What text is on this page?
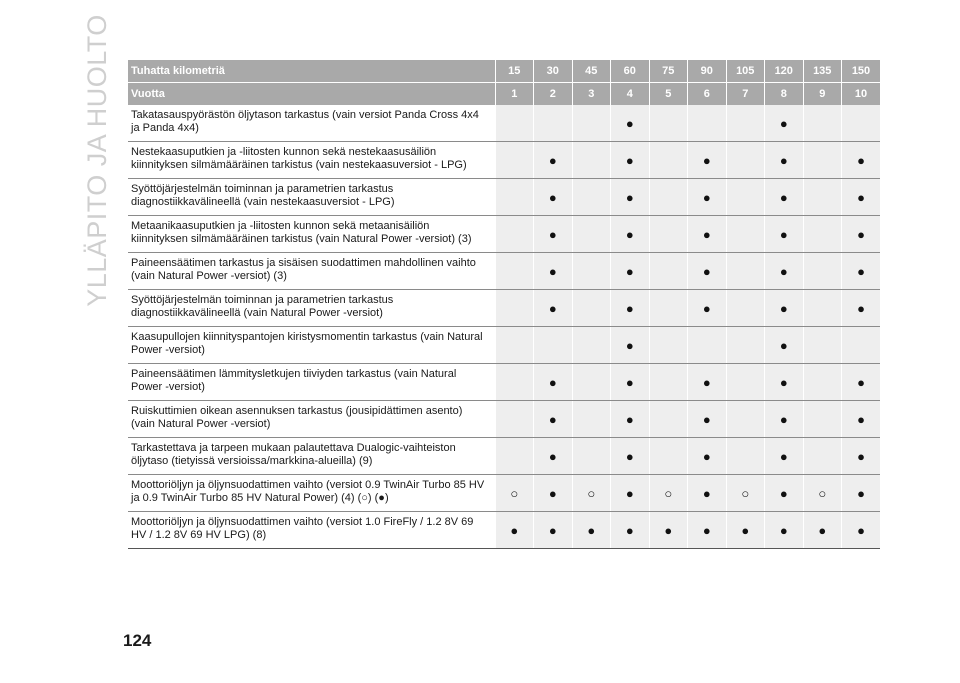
YLLÄPITO JA HUOLTO Tuhatta kilometriä	15	30	45	60	75	90	105	120	135	150
Vuotta	1	2	3	4	5	6	7	8	9	10
Takatasauspyörästön öljytason tarkastus (vain versiot Panda Cross 4x4 ja Panda 4x4)				●				●		
Nestekaasuputkien ja -liitosten kunnon sekä nestekaasusäiliön kiinnityksen silmämääräinen tarkistus (vain nestekaasuversiot - LPG)		●		●		●		●		●
Syöttöjärjestelmän toiminnan ja parametrien tarkastus diagnostiikkavälineellä (vain nestekaasuversiot - LPG)		●		●		●		●		●
Metaanikaasuputkien ja -liitosten kunnon sekä metaanisäiliön kiinnityksen silmämääräinen tarkistus (vain Natural Power -versiot) (3)		●		●		●		●		●
Paineensäätimen tarkastus ja sisäisen suodattimen mahdollinen vaihto (vain Natural Power -versiot) (3)		●		●		●		●		●
Syöttöjärjestelmän toiminnan ja parametrien tarkastus diagnostiikkavälineellä (vain Natural Power -versiot)		●		●		●		●		●
Kaasupullojen kiinnityspantojen kiristysmomentin tarkastus (vain Natural Power -versiot)				●				●		
Paineensäätimen lämmitysletkujen tiiviyden tarkastus (vain Natural Power -versiot)		●		●		●		●		●
Ruiskuttimien oikean asennuksen tarkastus (jousipidättimen asento) (vain Natural Power -versiot)		●		●		●		●		●
Tarkastettava ja tarpeen mukaan palautettava Dualogic-vaihteiston öljytaso (tietyissä versioissa/markkina-alueilla) (9)		●		●		●		●		●
Moottoriöljyn ja öljynsuodattimen vaihto (versiot 0.9 TwinAir Turbo 85 HV ja 0.9 TwinAir Turbo 85 HV Natural Power) (4) (○) (●)	○	●	○	●	○	●	○	●	○	●
Moottoriöljyn ja öljynsuodattimen vaihto (versiot 1.0 FireFly / 1.2 8V 69 HV / 1.2 8V 69 HV LPG) (8)	●	●	●	●	●	●	●	●	●	●
124
